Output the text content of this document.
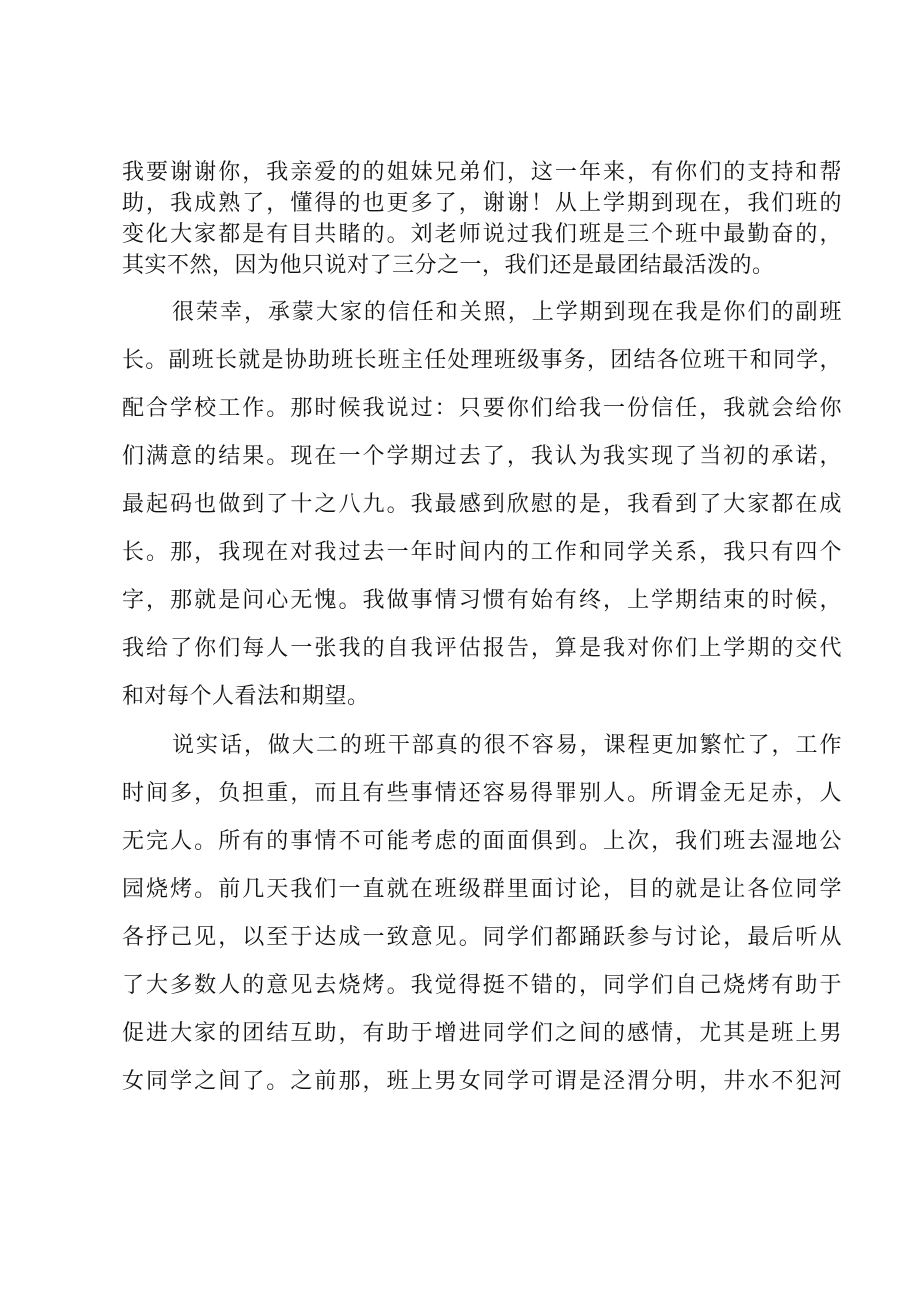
我要谢谢你，我亲爱的的姐妹兄弟们，这一年来，有你们的支持和帮

助，我成熟了，懂得的也更多了，谢谢！从上学期到现在，我们班的

变化大家都是有目共睹的。刘老师说过我们班是三个班中最勤奋的，

其实不然，因为他只说对了三分之一，我们还是最团结最活泼的。

很荣幸，承蒙大家的信任和关照，上学期到现在我是你们的副班

长。副班长就是协助班长班主任处理班级事务，团结各位班干和同学，

配合学校工作。那时候我说过：只要你们给我一份信任，我就会给你

们满意的结果。现在一个学期过去了，我认为我实现了当初的承诺，

最起码也做到了十之八九。我最感到欣慰的是，我看到了大家都在成

长。那，我现在对我过去一年时间内的工作和同学关系，我只有四个

字，那就是问心无愧。我做事情习惯有始有终，上学期结束的时候，

我给了你们每人一张我的自我评估报告，算是我对你们上学期的交代

和对每个人看法和期望。

说实话，做大二的班干部真的很不容易，课程更加繁忙了，工作

时间多，负担重，而且有些事情还容易得罪别人。所谓金无足赤，人

无完人。所有的事情不可能考虑的面面俱到。上次，我们班去湿地公

园烧烤。前几天我们一直就在班级群里面讨论，目的就是让各位同学

各抒己见，以至于达成一致意见。同学们都踊跃参与讨论，最后听从

了大多数人的意见去烧烤。我觉得挺不错的，同学们自己烧烤有助于

促进大家的团结互助，有助于增进同学们之间的感情，尤其是班上男

女同学之间了。之前那，班上男女同学可谓是泾渭分明，井水不犯河
